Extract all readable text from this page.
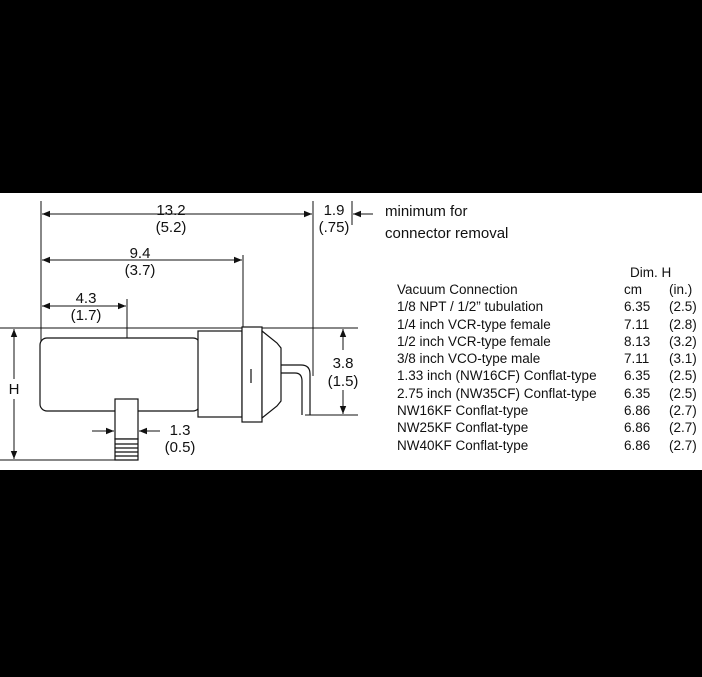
13.2
(5.2)
1.9
(.75)
9.4
(3.7)
4.3
(1.7)
3.8
(1.5)
1.3
(0.5)
H

minimum for
connector removal

Dim. H
Vacuum Connection	cm (in.)
1/8 NPT / 1/2” tubulation	6.35 (2.5)
1/4 inch VCR-type female	7.11 (2.8)
1/2 inch VCR-type female	8.13 (3.2)
3/8 inch VCO-type male	7.11 (3.1)
1.33 inch (NW16CF) Conflat-type 6.35 (2.5)
2.75 inch (NW35CF) Conflat-type 6.35 (2.5)
NW16KF Conflat-type	6.86 (2.7)
NW25KF Conflat-type	6.86 (2.7)
NW40KF Conflat-type	6.86 (2.7)
